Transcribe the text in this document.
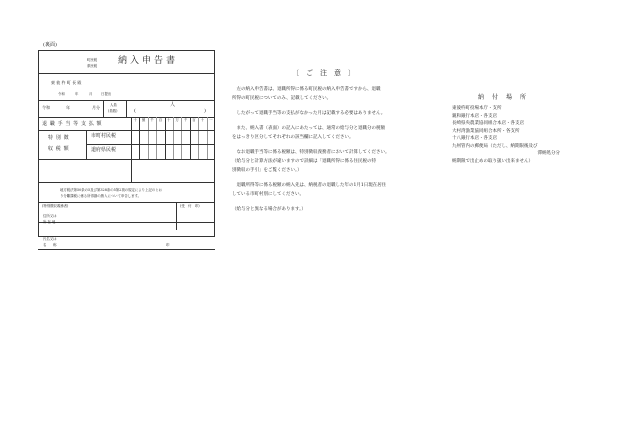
(裏面)
町民税
県民税 納入申告書
東 彼 杵 町 長 殿
令和	年	月	日提出
令和	年	月分	人員
(員数)
人
(	)
退 職 手 当 等 支 払 額
十 億 千 百 十 万 千 百 十 一
特 別 徴
収 税 額
市町村民税
道府県民税
地方税法第50条の5及び第328条の5第2項の規定により上記のとお
り分離課税に係る所得割の納入について申告します。
(特別徴収義務者)	(受　付　印)
住所又は
所 在 地
氏名又は
名　　称	印
〔　ご　注　意　〕
　左の納入申告書は、退職所得に係る町民税の納入申告書ですから、退職
所得の町民税についてのみ、記載してください。
　したがって退職手当等の支払がなかった月は記載する必要はありません。
　また、納入書（表面）の記入にあたっては、通常の給与分と退職分の税額
をはっきり区分してそれぞれの該当欄に記入してください。
　なお退職手当等に係る税額は、特別徴収義務者において計算してください。
（給与分と計算方法が違いますので詳細は「退職所得に係る住民税の特
別徴収の手引」をご覧ください。）
　退職所得等に係る税額の納入先は、納税者の退職した年の1月1日現在居住
している市町村別にしてください。
（給与分と異なる場合があります。）
納　付　場　所
東彼杵町役場本庁・支所
親和銀行本店・各支店
長崎県央農業協同組合本店・各支店
大村湾漁業協同組合本所・各支所
十八銀行本店・各支店
九州管内の郵便局（ただし、納期限後及び
　　　　　　　　　　　　　　　　　　　滞納処分分
納期限で出止めの取り扱い出来ません）
